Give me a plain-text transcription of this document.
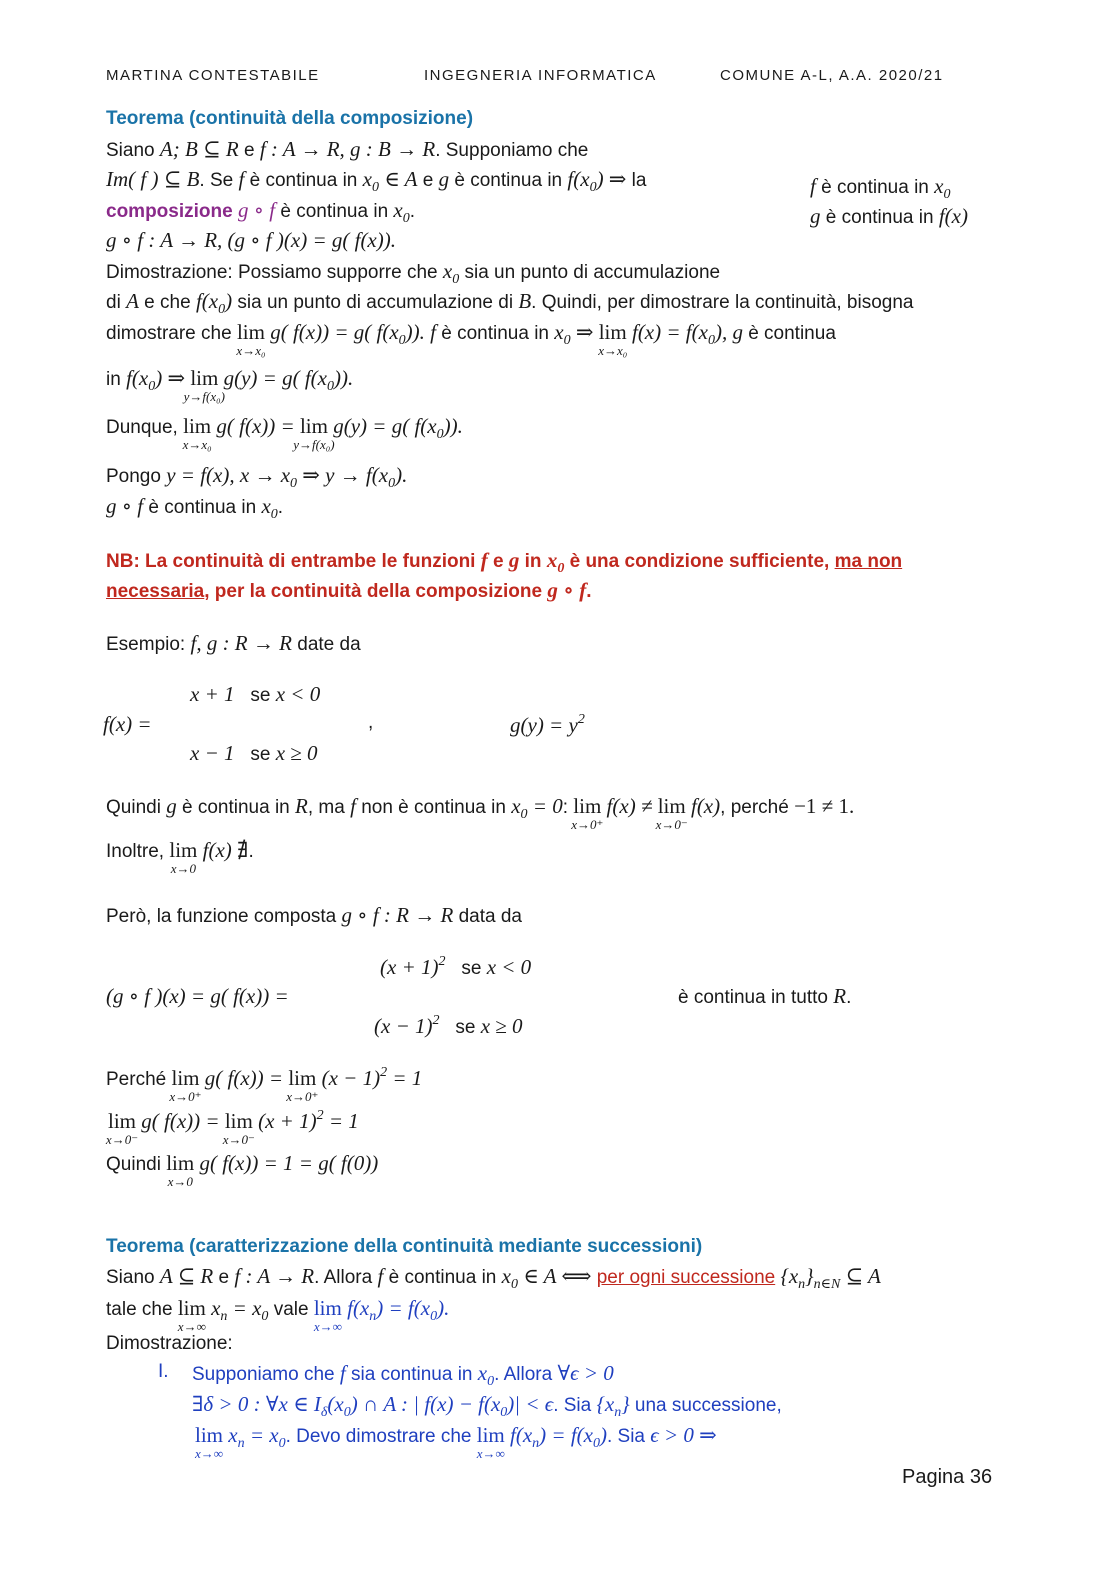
MARTINA CONTESTABILE	INGEGNERIA INFORMATICA	COMUNE A-L, A.A. 2020/21
Teorema (continuità della composizione)
Siano A; B ⊆ R e f : A → R, g : B → R. Supponiamo che
Im( f ) ⊆ B. Se f è continua in $x_0$ ∈ A e g è continua in $f(x_0)$ ⇒ la
composizione g ∘ f è continua in $x_0$.
g ∘ f : A → R, (g ∘ f )(x) = g( f(x)).
f è continua in $x_0$
g è continua in f(x)
Dimostrazione: Possiamo supporre che $x_0$ sia un punto di accumulazione
di A e che $f(x_0)$ sia un punto di accumulazione di B. Quindi, per dimostrare la continuità, bisogna
dimostrare che lim
x→x₀
g( f(x)) = g( $f(x_0)$). f è continua in $x_0$ ⇒ lim
x→x₀
$f(x) = f(x_0)$, g è continua
in $f(x_0)$ ⇒ lim
y→f(x₀)
g(y) = g( $f(x_0)$).
Dunque, lim
x→x₀
g( f(x)) = lim
y→f(x₀)
g(y) = g( $f(x_0)$).
Pongo y = f(x), $x \to x_0$ ⇒ $y \to f(x_0)$.
g ∘ f è continua in $x_0$.
NB: La continuità di entrambe le funzioni f e g in $x_0$ è una condizione sufficiente, ma non
necessaria, per la continuità della composizione g ∘ f.
Esempio: f, g : R → R date da
f(x) =
x + 1 se x < 0
x − 1 se x ≥ 0
,	$g(y) = y^2$
Quindi g è continua in R, ma f non è continua in $x_0 = 0$: lim
x→0⁺
f(x) ≠ lim
x→0⁻
f(x), perché −1 ≠ 1.
Inoltre, lim
x→0
f(x) ∄.
Però, la funzione composta g ∘ f : R → R data da
(g ∘ f )(x) = g( f(x)) =
$(x + 1)^2$ se x < 0
$(x - 1)^2$ se x ≥ 0
è continua in tutto R.
Perché lim
x→0⁺
g( f(x)) = lim
x→0⁺
$(x - 1)^2 = 1$
lim
x→0⁻
g( f(x)) = lim
x→0⁻
$(x + 1)^2 = 1$
Quindi lim
x→0
g( f(x)) = 1 = g( f(0))
Teorema (caratterizzazione della continuità mediante successioni)
Siano A ⊆ R e f : A → R. Allora f è continua in $x_0$ ∈ A ⟺ per ogni successione $\{x_n\}_{n\in N}$ ⊆ A
tale che lim
x→∞
$x_n = x_0$ vale lim
x→∞
$f(x_n) = f(x_0)$.
Dimostrazione:
I. Supponiamo che f sia continua in $x_0$. Allora ∀ϵ > 0
∃δ > 0 : ∀x ∈ $I_\delta(x_0)$ ∩ A : | $f(x) - f(x_0)| < \epsilon$. Sia $\{x_n\}$ una successione,
lim
x→∞
$x_n = x_0$. Devo dimostrare che lim
x→∞
$f(x_n) = f(x_0)$. Sia ϵ > 0 ⇒
Pagina 36
